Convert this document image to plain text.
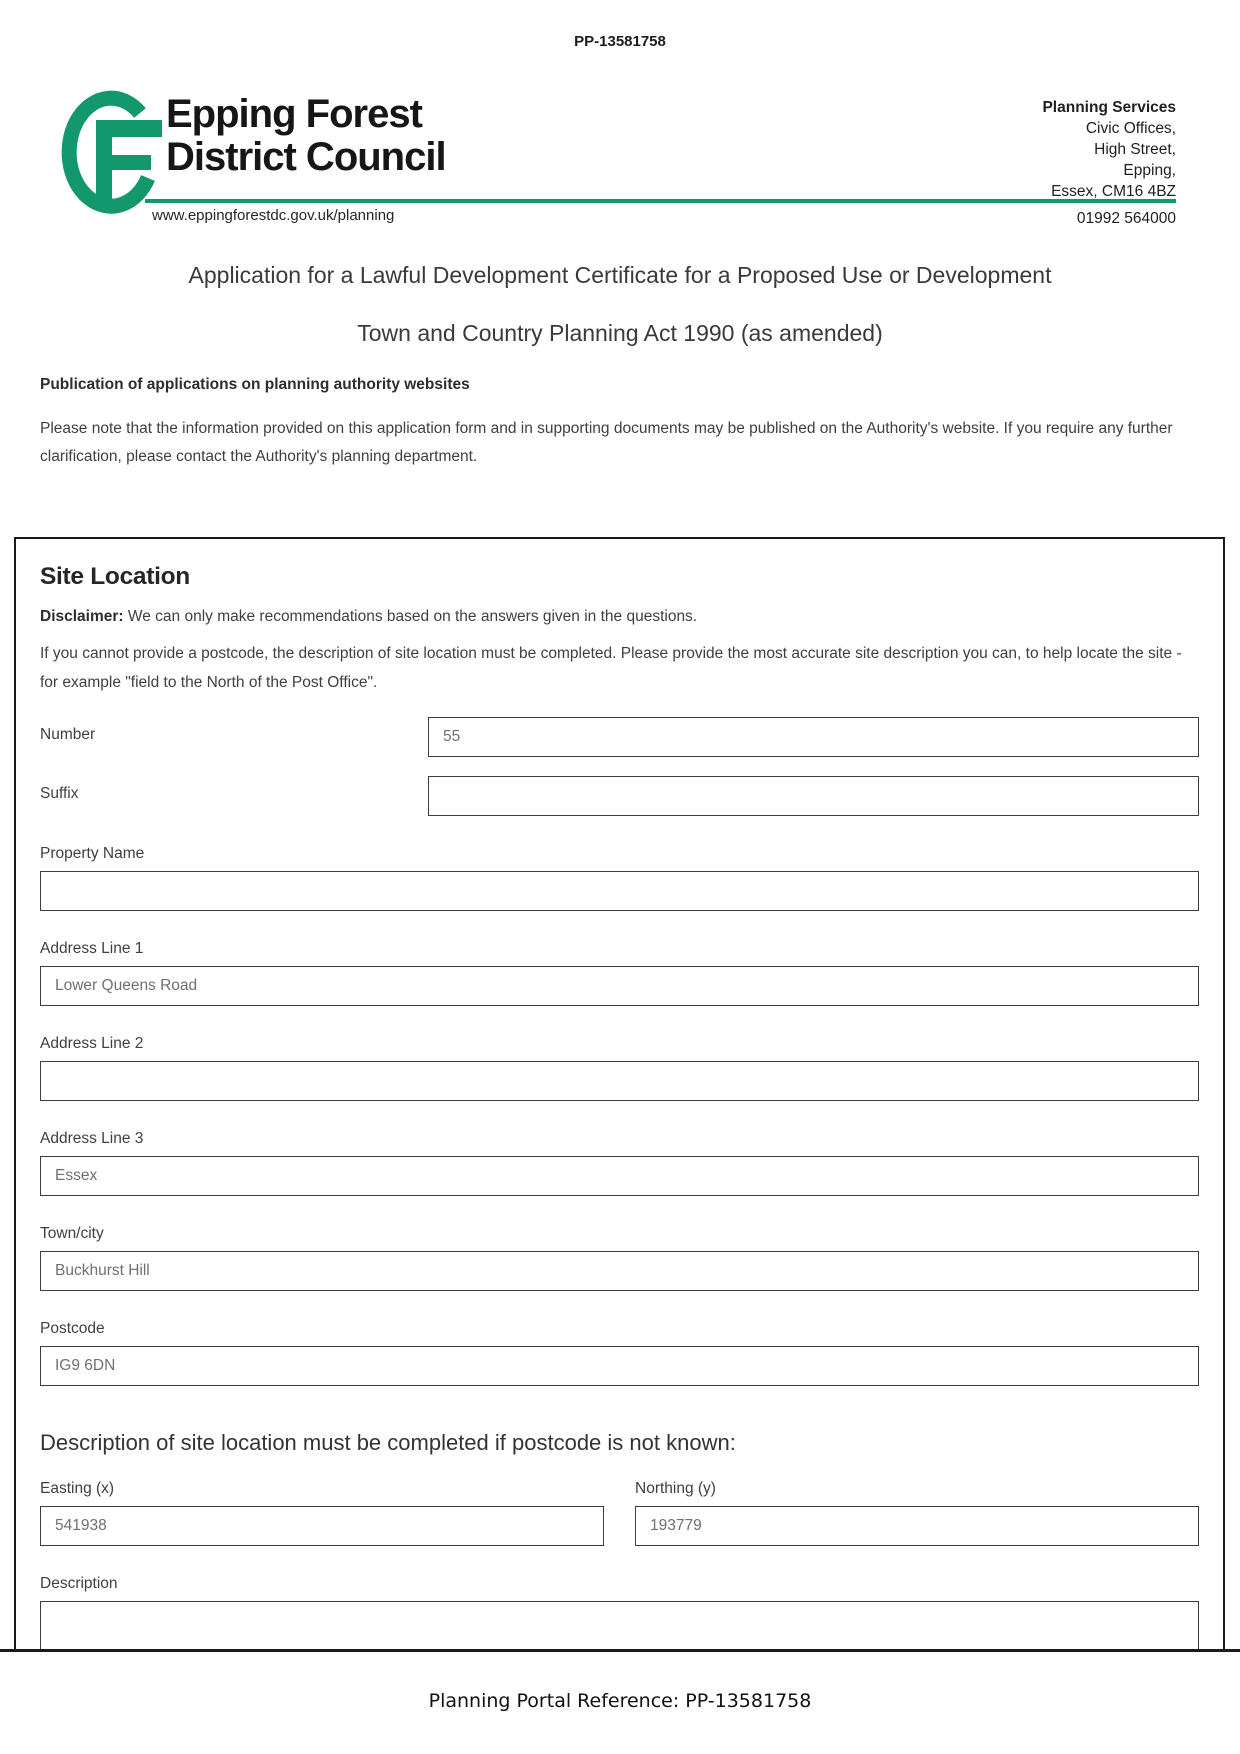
PP-13581758
Epping Forest
District Council
www.eppingforestdc.gov.uk/planning
Planning Services
Civic Offices,
High Street,
Epping,
Essex, CM16 4BZ
01992 564000
Application for a Lawful Development Certificate for a Proposed Use or Development
Town and Country Planning Act 1990 (as amended)
Publication of applications on planning authority websites
Please note that the information provided on this application form and in supporting documents may be published on the Authority's website. If you require any further clarification, please contact the Authority's planning department.
Site Location
Disclaimer: We can only make recommendations based on the answers given in the questions.
If you cannot provide a postcode, the description of site location must be completed. Please provide the most accurate site description you can, to help locate the site - for example "field to the North of the Post Office".
Number
55
Suffix
Property Name
Address Line 1
Lower Queens Road
Address Line 2
Address Line 3
Essex
Town/city
Buckhurst Hill
Postcode
IG9 6DN
Description of site location must be completed if postcode is not known:
Easting (x)
541938	Northing (y)
193779
Description
Planning Portal Reference: PP-13581758
